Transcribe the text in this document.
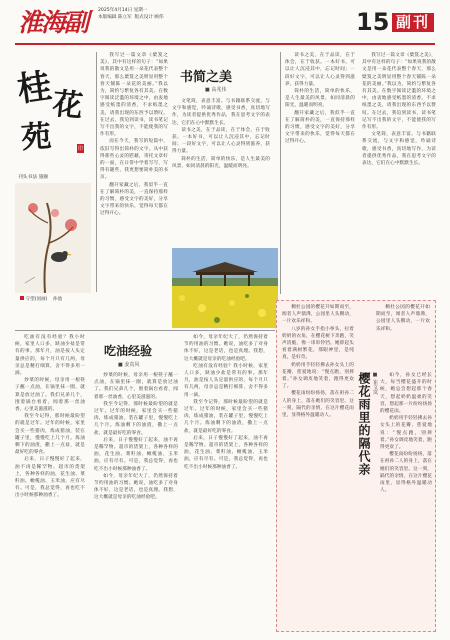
淮海副 2025年4月14日 星期一
本版编辑 陈立军 版式设计 顾伟	15 副刊
桂
花
苑	印
刊头书法 施颐

我写过一篇文章《檗笈之美》，其中有这样的句子：“如果说我的散文是用一朵花代表整个春天，那么檗笈之美明显用整个春天铺陈一朵花的美丽。”我以为，简约与繁复各有其美。在数字阅读泛滥的环境之中，由衷地感受纸墨的清香，不求纸墨之美，请我出现的东西予以赞叹。在过去，我迫到读书，读书笔记写不出我的文字，不能使我的写作有形。

而在今天，我写的短篇中，依旧写得出简朴的文字。从中获得那些心灵的慰藉，寄托文章好的一面，在日常中学着写写，写得有趣些，我更想要简朴美的书页。

翻开家藏之后，我似乎一直在了解简朴的美，一直保持那样的习惯，感受文字的美好，分享文字带来的快乐，觉得每天都在过得开心。

守望(国画) 孙池
书简之美
■ 高兆伟

文笔简，表意丰富。与书籍联系交流，与文字和感觉，吟诵诗歌，感受书香，真切地写作，为读者提供优秀作品，我在思考文字的表达，它们在心中默默生长。

读书之美，在于品读，在于体会，在于收获。一本好书，可以让人沉浸其中，忘记时间；一段好文字，可以让人心灵得到滋养，获得力量。

简朴的生活，简单的快乐，是人生最美的风景，如同清晨的阳光，温暖而明亮。

读书之美，在于品读，在于体会，在于收获。一本好书，可以让人沉浸其中，忘记时间；一段好文字，可以让人心灵得到滋养，获得力量。

简朴的生活，简单的快乐，是人生最美的风景，如同清晨的阳光，温暖而明亮。

翻开家藏之后，我似乎一直在了解简朴的美，一直保持那样的习惯，感受文字的美好，分享文字带来的快乐，觉得每天都在过得开心。

我写过一篇文章《檗笈之美》，其中有这样的句子：“如果说我的散文是用一朵花代表整个春天，那么檗笈之美明显用整个春天铺陈一朵花的美丽。”我以为，简约与繁复各有其美。在数字阅读泛滥的环境之中，由衷地感受纸墨的清香，不求纸墨之美，请我出现的东西予以赞叹。在过去，我迫到读书，读书笔记写不出我的文字，不能使我的写作有形。

文笔简，表意丰富。与书籍联系交流，与文字和感觉，吟诵诗歌，感受书香，真切地写作，为读者提供优秀作品，我在思考文字的表达，它们在心中默默生长。

吃油有没有经验？我小时候，家里人口多，缺油少盐是常有的事。那年月，油是按人头定量供应的，每个月只有几两，母亲总是精打细算，舍不得多用一滴。

炒菜的时候，母亲用一根筷子蘸一点油，在锅里抹一圈，就算是放过油了。我们兄弟几个，围着锅台看着，闻着那一丝油香，心里美滋滋的。

我至今记得，那时候最盼望的就是过年。过年的时候，家里会买一些猪肉，炼成猪油，装在罐子里，慢慢吃上几个月。炼油剩下的油渣，撒上一点盐，就是最好吃的零食。

后来，日子慢慢好了起来，油不再是稀罕物。超市的货架上，各种各样的油，花生油、菜籽油、橄榄油、玉米油，应有尽有。可是，我总觉得，再也吃不出小时候那种油香了。

吃油经验
■ 姜真风

炒菜的时候，母亲用一根筷子蘸一点油，在锅里抹一圈，就算是放过油了。我们兄弟几个，围着锅台看着，闻着那一丝油香，心里美滋滋的。

我至今记得，那时候最盼望的就是过年。过年的时候，家里会买一些猪肉，炼成猪油，装在罐子里，慢慢吃上几个月。炼油剩下的油渣，撒上一点盐，就是最好吃的零食。

后来，日子慢慢好了起来，油不再是稀罕物。超市的货架上，各种各样的油，花生油、菜籽油、橄榄油、玉米油，应有尽有。可是，我总觉得，再也吃不出小时候那种油香了。

如今，母亲年纪大了，仍然保持着节约用油的习惯。她说，油吃多了对身体不好，这是老话，也是真理。我想，这大概就是母亲的吃油经验吧。

如今，母亲年纪大了，仍然保持着节约用油的习惯。她说，油吃多了对身体不好，这是老话，也是真理。我想，这大概就是母亲的吃油经验吧。

吃油有没有经验？我小时候，家里人口多，缺油少盐是常有的事。那年月，油是按人头定量供应的，每个月只有几两，母亲总是精打细算，舍不得多用一滴。

我至今记得，那时候最盼望的就是过年。过年的时候，家里会买一些猪肉，炼成猪油，装在罐子里，慢慢吃上几个月。炼油剩下的油渣，撒上一点盐，就是最好吃的零食。

后来，日子慢慢好了起来，油不再是稀罕物。超市的货架上，各种各样的油，花生油、菜籽油、橄榄油、玉米油，应有尽有。可是，我总觉得，再也吃不出小时候那种油香了。

稠杜公园的樱花开如期而至，闻者人声鼎沸，公园里人头攒动，一片欢乐祥和。

八岁的孙女手指小拳头，拉着奶奶的衣角，在樱花树下奔跑，笑声清脆，像一串串铃铛。她仰起头看着满树繁花，那眼神里，是纯真，是好奇。

奶奶用手轻轻拂去孙女头上的花瓣，慈爱地说：“慢点跑，别摔着。”孙女调皮地笑着，跑得更欢了。

樱花雨纷纷扬扬，落在祖孙二人的身上，落在她们的笑容里。这一刻，隔代的亲情，在这片樱花雨里，显得格外温暖动人。	樱花雨里的隔代亲 ■ 崔文岚

稠杜公园的樱花开如期而至，闻者人声鼎沸，公园里人头攒动，一片欢乐祥和。

如今，孙女已经长大，每当樱花盛开的时候，她总会想起那个春天，想起奶奶温柔的笑容，想起那一片纷纷扬扬的樱花雨。

奶奶用手轻轻拂去孙女头上的花瓣，慈爱地说：“慢点跑，别摔着。”孙女调皮地笑着，跑得更欢了。

樱花雨纷纷扬扬，落在祖孙二人的身上，落在她们的笑容里。这一刻，隔代的亲情，在这片樱花雨里，显得格外温暖动人。
